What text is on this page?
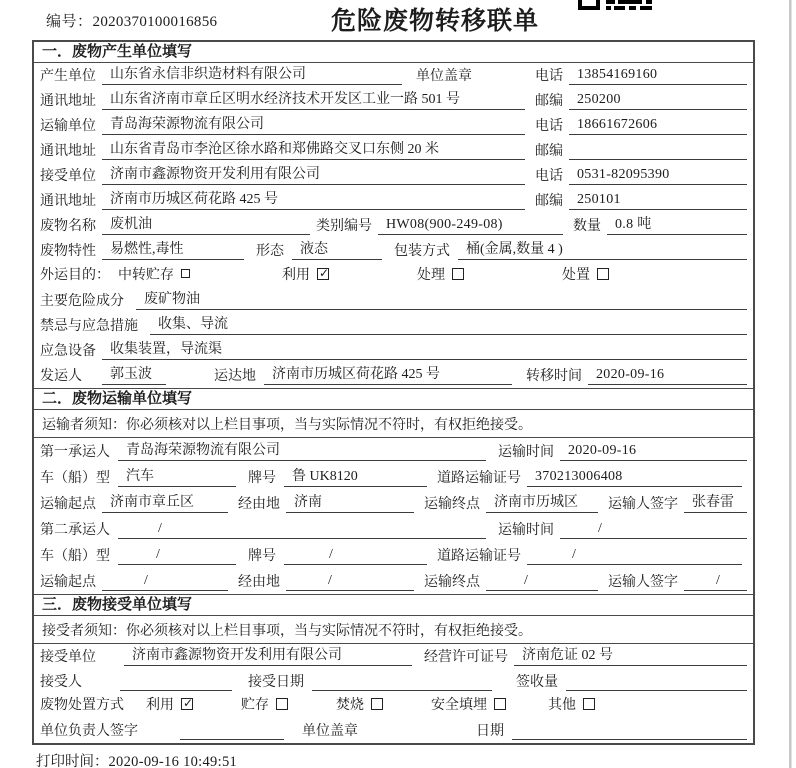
编号：2020370100016856	危险废物转移联单
一．废物产生单位填写
产生单位	山东省永信非织造材料有限公司	单位盖章	电话	13854169160
通讯地址	山东省济南市章丘区明水经济技术开发区工业一路 501 号	邮编	250200
运输单位	青岛海荣源物流有限公司	电话	18661672606
通讯地址	山东省青岛市李沧区徐水路和郑佛路交叉口东侧 20 米	邮编
接受单位	济南市鑫源物资开发利用有限公司	电话	0531-82095390
通讯地址	济南市历城区荷花路 425 号	邮编	250101
废物名称	废机油	类别编号	HW08(900-249-08)	数量	0.8 吨
废物特性	易燃性,毒性	形态	液态	包装方式	桶(金属,数量 4 )
外运目的： 中转贮存	利用 ✓	处理	处置
主要危险成分	废矿物油
禁忌与应急措施	收集、导流
应急设备	收集装置，导流渠
发运人	郭玉波	运达地	济南市历城区荷花路 425 号	转移时间	2020-09-16
二．废物运输单位填写
运输者须知： 你必须核对以上栏目事项，当与实际情况不符时，有权拒绝接受。
第一承运人	青岛海荣源物流有限公司	运输时间	2020-09-16
车（船）型	汽车	牌号	鲁 UK8120	道路运输证号	370213006408
运输起点	济南市章丘区	经由地	济南	运输终点	济南市历城区	运输人签字	张春雷
第二承运人	/	运输时间	/
车（船）型	/	牌号	/	道路运输证号	/
运输起点	/	经由地	/	运输终点	/	运输人签字	/
三．废物接受单位填写
接受者须知： 你必须核对以上栏目事项，当与实际情况不符时，有权拒绝接受。
接受单位	济南市鑫源物资开发利用有限公司	经营许可证号	济南危证 02 号
接受人	接受日期	签收量
废物处置方式 利用 ✓	贮存	焚烧	安全填埋	其他
单位负责人签字	单位盖章	日期
打印时间：2020-09-16 10:49:51
